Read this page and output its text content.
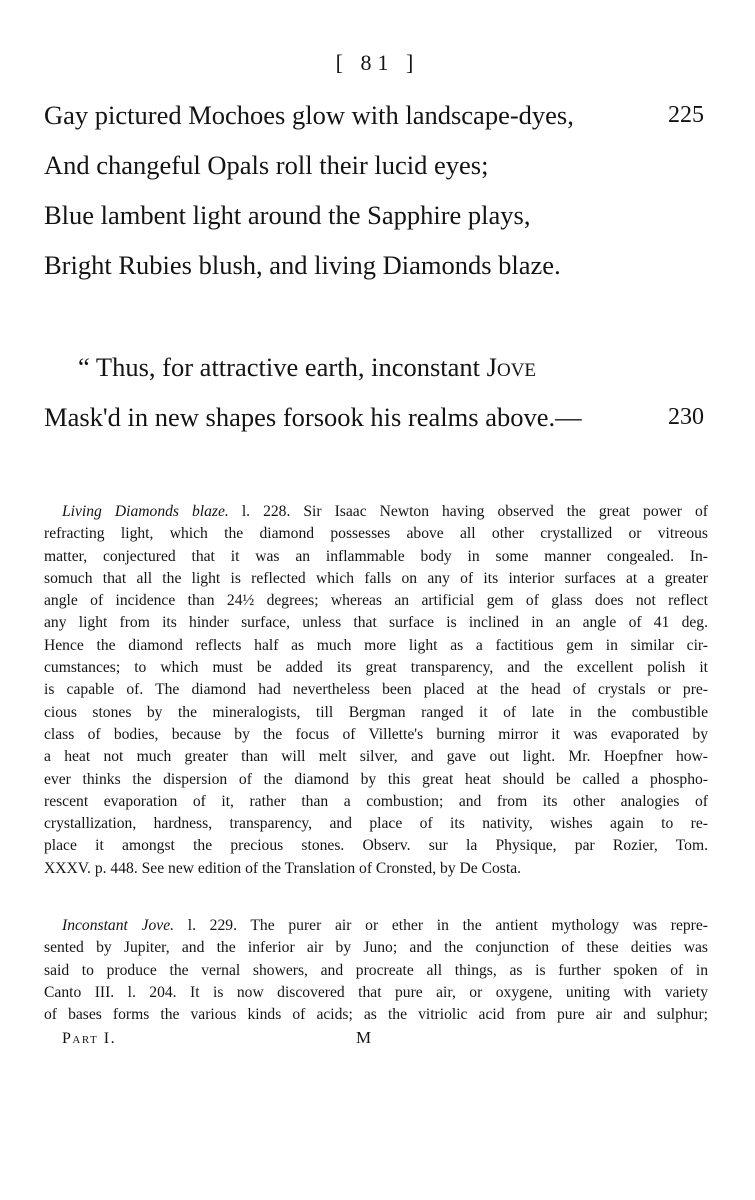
[ 81 ]
Gay pictured Mochoes glow with landscape-dyes,	225
And changeful Opals roll their lucid eyes;
Blue lambent light around the Sapphire plays,
Bright Rubies blush, and living Diamonds blaze.
“ Thus, for attractive earth, inconstant Jove
Mask'd in new shapes forsook his realms above.—	230
Living Diamonds blaze. l. 228. Sir Isaac Newton having observed the great power of
refracting light, which the diamond possesses above all other crystallized or vitreous
matter, conjectured that it was an inflammable body in some manner congealed. In-
somuch that all the light is reflected which falls on any of its interior surfaces at a greater
angle of incidence than 24½ degrees; whereas an artificial gem of glass does not reflect
any light from its hinder surface, unless that surface is inclined in an angle of 41 deg.
Hence the diamond reflects half as much more light as a factitious gem in similar cir-
cumstances; to which must be added its great transparency, and the excellent polish it
is capable of. The diamond had nevertheless been placed at the head of crystals or pre-
cious stones by the mineralogists, till Bergman ranged it of late in the combustible
class of bodies, because by the focus of Villette's burning mirror it was evaporated by
a heat not much greater than will melt silver, and gave out light. Mr. Hoepfner how-
ever thinks the dispersion of the diamond by this great heat should be called a phospho-
rescent evaporation of it, rather than a combustion; and from its other analogies of
crystallization, hardness, transparency, and place of its nativity, wishes again to re-
place it amongst the precious stones. Observ. sur la Physique, par Rozier, Tom.
XXXV. p. 448. See new edition of the Translation of Cronsted, by De Costa.
Inconstant Jove. l. 229. The purer air or ether in the antient mythology was repre-
sented by Jupiter, and the inferior air by Juno; and the conjunction of these deities was
said to produce the vernal showers, and procreate all things, as is further spoken of in
Canto III. l. 204. It is now discovered that pure air, or oxygene, uniting with variety
of bases forms the various kinds of acids; as the vitriolic acid from pure air and sulphur;
Part I.	M
